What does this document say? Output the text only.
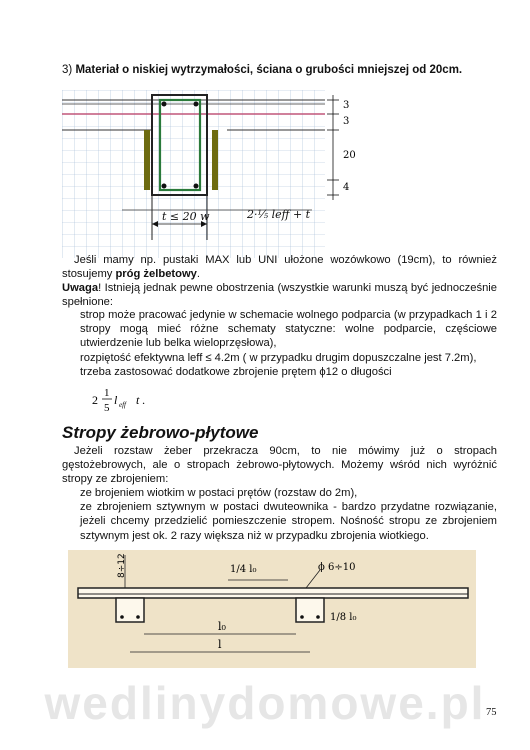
3) Materiał o niskiej wytrzymałości, ściana o grubości mniejszej od 20cm.
t ≤ 20 w	2·⅕ leff + t
3
3
20
4
Jeśli mamy np. pustaki MAX lub UNI ułożone wozówkowo (19cm), to również stosujemy próg żelbetowy.
Uwaga! Istnieją jednak pewne obostrzenia (wszystkie warunki muszą być jednocześnie spełnione:

strop może pracować jedynie w schemacie wolnego podparcia (w przypadkach 1 i 2 stropy mogą mieć różne schematy statyczne: wolne podparcie, częściowe utwierdzenie lub belka wieloprzęsłowa),

rozpiętość efektywna leff ≤ 4.2m ( w przypadku drugim dopuszczalne jest 7.2m),

trzeba zastosować dodatkowe zbrojenie prętem ϕ12 o długości

2 1
5
l eff t .
Stropy żebrowo-płytowe
Jeżeli rozstaw żeber przekracza 90cm, to nie mówimy już o stropach gęstożebrowych, ale o stropach żebrowo-płytowych. Możemy wśród nich wyróżnić stropy ze zbrojeniem:

ze brojeniem wiotkim w postaci prętów (rozstaw do 2m),

ze zbrojeniem sztywnym w postaci dwuteownika - bardzo przydatne rozwiązanie, jeżeli chcemy przedzielić pomieszczenie stropem. Nośność stropu ze zbrojeniem sztywnym jest ok. 2 razy większa niż w przypadku zbrojenia wiotkiego.

8÷12	1/4 l₀	ϕ 6÷10
l₀
l
1/8 l₀
wedlinydomowe.pl 75
